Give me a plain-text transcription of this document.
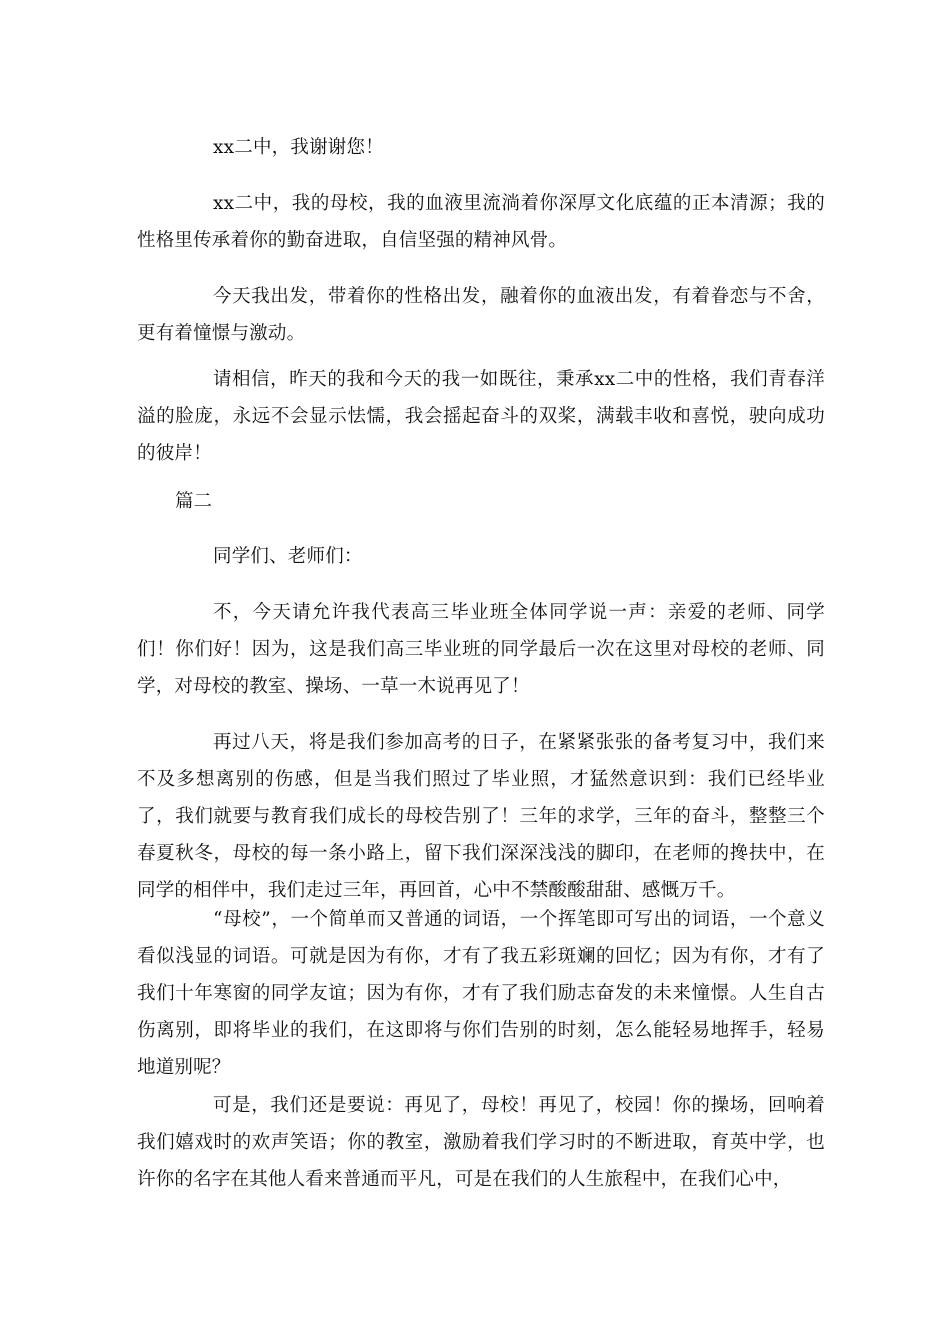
xx二中，我谢谢您！

xx二中，我的母校，我的血液里流淌着你深厚文化底蕴的正本清源；我的性格里传承着你的勤奋进取，自信坚强的精神风骨。

今天我出发，带着你的性格出发，融着你的血液出发，有着眷恋与不舍，更有着憧憬与激动。

请相信，昨天的我和今天的我一如既往，秉承xx二中的性格，我们青春洋溢的脸庞，永远不会显示怯懦，我会摇起奋斗的双桨，满载丰收和喜悦，驶向成功的彼岸！

篇二

同学们、老师们：

不，今天请允许我代表高三毕业班全体同学说一声：亲爱的老师、同学们！你们好！因为，这是我们高三毕业班的同学最后一次在这里对母校的老师、同学，对母校的教室、操场、一草一木说再见了！

再过八天，将是我们参加高考的日子，在紧紧张张的备考复习中，我们来不及多想离别的伤感，但是当我们照过了毕业照，才猛然意识到：我们已经毕业了，我们就要与教育我们成长的母校告别了！三年的求学，三年的奋斗，整整三个春夏秋冬，母校的每一条小路上，留下我们深深浅浅的脚印，在老师的搀扶中，在同学的相伴中，我们走过三年，再回首，心中不禁酸酸甜甜、感慨万千。

“母校”，一个简单而又普通的词语，一个挥笔即可写出的词语，一个意义看似浅显的词语。可就是因为有你，才有了我五彩斑斓的回忆；因为有你，才有了我们十年寒窗的同学友谊；因为有你，才有了我们励志奋发的未来憧憬。人生自古伤离别，即将毕业的我们，在这即将与你们告别的时刻，怎么能轻易地挥手，轻易地道别呢？

可是，我们还是要说：再见了，母校！再见了，校园！你的操场，回响着我们嬉戏时的欢声笑语；你的教室，激励着我们学习时的不断进取，育英中学，也许你的名字在其他人看来普通而平凡，可是在我们的人生旅程中，在我们心中，
